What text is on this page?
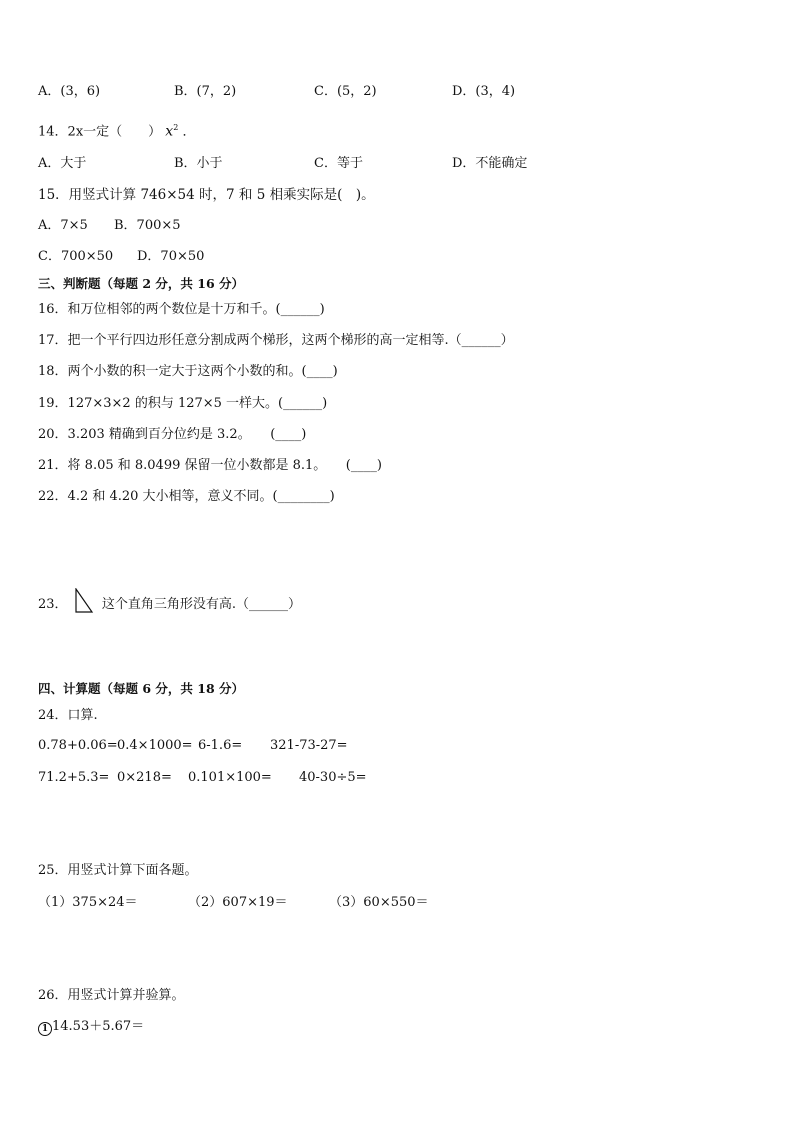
A．(3，6)	B．(7，2)	C．(5，2)	D．(3，4)
14．2x一定（　　） $x^2$ ．
A．大于	B．小于	C．等于	D．不能确定
15．用竖式计算 746×54 时，7 和 5 相乘实际是(　)。
A．7×5 B．700×5
C．700×50 D．70×50
三、判断题（每题 2 分，共 16 分）
16．和万位相邻的两个数位是十万和千。(______)
17．把一个平行四边形任意分割成两个梯形，这两个梯形的高一定相等.（______）
18．两个小数的积一定大于这两个小数的和。(____)
19．127×3×2 的积与 127×5 一样大。(______)
20．3.203 精确到百分位约是 3.2。　　(____)
21．将 8.05 和 8.0499 保留一位小数都是 8.1。　　(____)
22．4.2 和 4.20 大小相等，意义不同。(________)
23．	这个直角三角形没有高.（______）
四、计算题（每题 6 分，共 18 分）
24．口算.
0.78+0.06= 0.4×1000= 6-1.6= 321-73-27=
71.2+5.3= 0×218= 0.101×100= 40-30÷5=
25．用竖式计算下面各题。
（1）375×24＝	（2）607×19＝	（3）60×550＝
26．用竖式计算并验算。
1 14.53＋5.67＝
